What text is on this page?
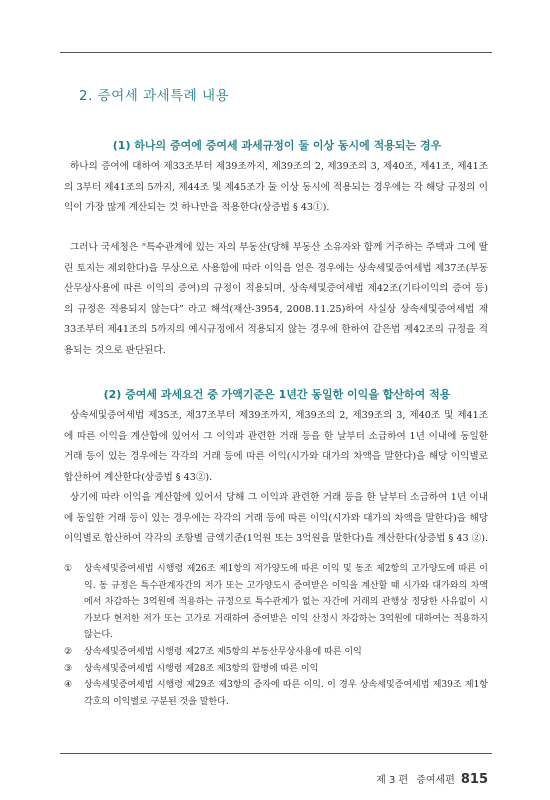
2. 증여세 과세특례 내용
(1) 하나의 증여에 증여세 과세규정이 둘 이상 동시에 적용되는 경우

하나의 증여에 대하여 제33조부터 제39조까지, 제39조의 2, 제39조의 3, 제40조, 제41조, 제41조의 3부터 제41조의 5까지, 제44조 및 제45조가 둘 이상 동시에 적용되는 경우에는 각 해당 규정의 이익이 가장 많게 계산되는 것 하나만을 적용한다(상증법 § 43①).

그러나 국세청은 “특수관계에 있는 자의 부동산(당해 부동산 소유자와 함께 거주하는 주택과 그에 딸린 토지는 제외한다)을 무상으로 사용함에 따라 이익을 얻은 경우에는 상속세및증여세법 제37조(부동산무상사용에 따른 이익의 증여)의 규정이 적용되며, 상속세및증여세법 제42조(기타이익의 증여 등)의 규정은 적용되지 않는다” 라고 해석(재산-3954, 2008.11.25)하여 사실상 상속세및증여세법 제33조부터 제41조의 5까지의 예시규정에서 적용되지 않는 경우에 한하여 같은법 제42조의 규정을 적용되는 것으로 판단된다.

(2) 증여세 과세요건 중 가액기준은 1년간 동일한 이익을 합산하여 적용

상속세및증여세법 제35조, 제37조부터 제39조까지, 제39조의 2, 제39조의 3, 제40조 및 제41조에 따른 이익을 계산함에 있어서 그 이익과 관련한 거래 등을 한 날부터 소급하여 1년 이내에 동일한 거래 등이 있는 경우에는 각각의 거래 등에 따른 이익(시가와 대가의 차액을 말한다)을 해당 이익별로 합산하여 계산한다(상증법 § 43②).

상기에 따라 이익을 계산함에 있어서 당해 그 이익과 관련한 거래 등을 한 날부터 소급하여 1년 이내에 동일한 거래 등이 있는 경우에는 각각의 거래 등에 따른 이익(시가와 대가의 차액을 말한다)을 해당 이익별로 합산하여 각각의 조항별 금액기준(1억원 또는 3억원을 말한다)을 계산한다(상증법 § 43 ②).

① 상속세및증여세법 시행령 제26조 제1항의 저가양도에 따른 이익 및 동조 제2항의 고가양도에 따른 이익. 동 규정은 특수관계자간의 저가 또는 고가양도시 증여받은 이익을 계산할 때 시가와 대가와의 차액에서 차감하는 3억원에 적용하는 규정으로 특수관계가 없는 자간에 거래의 관행상 정당한 사유없이 시가보다 현저한 저가 또는 고가로 거래하여 증여받은 이익 산정시 차감하는 3억원에 대하여는 적용하지 않는다.
② 상속세및증여세법 시행령 제27조 제5항의 부동산무상사용에 따른 이익
③ 상속세및증여세법 시행령 제28조 제3항의 합병에 따른 이익
④ 상속세및증여세법 시행령 제29조 제3항의 증자에 따른 이익. 이 경우 상속세및증여세법 제39조 제1항 각호의 이익별로 구분된 것을 말한다.
제 3 편 증여세편 815
